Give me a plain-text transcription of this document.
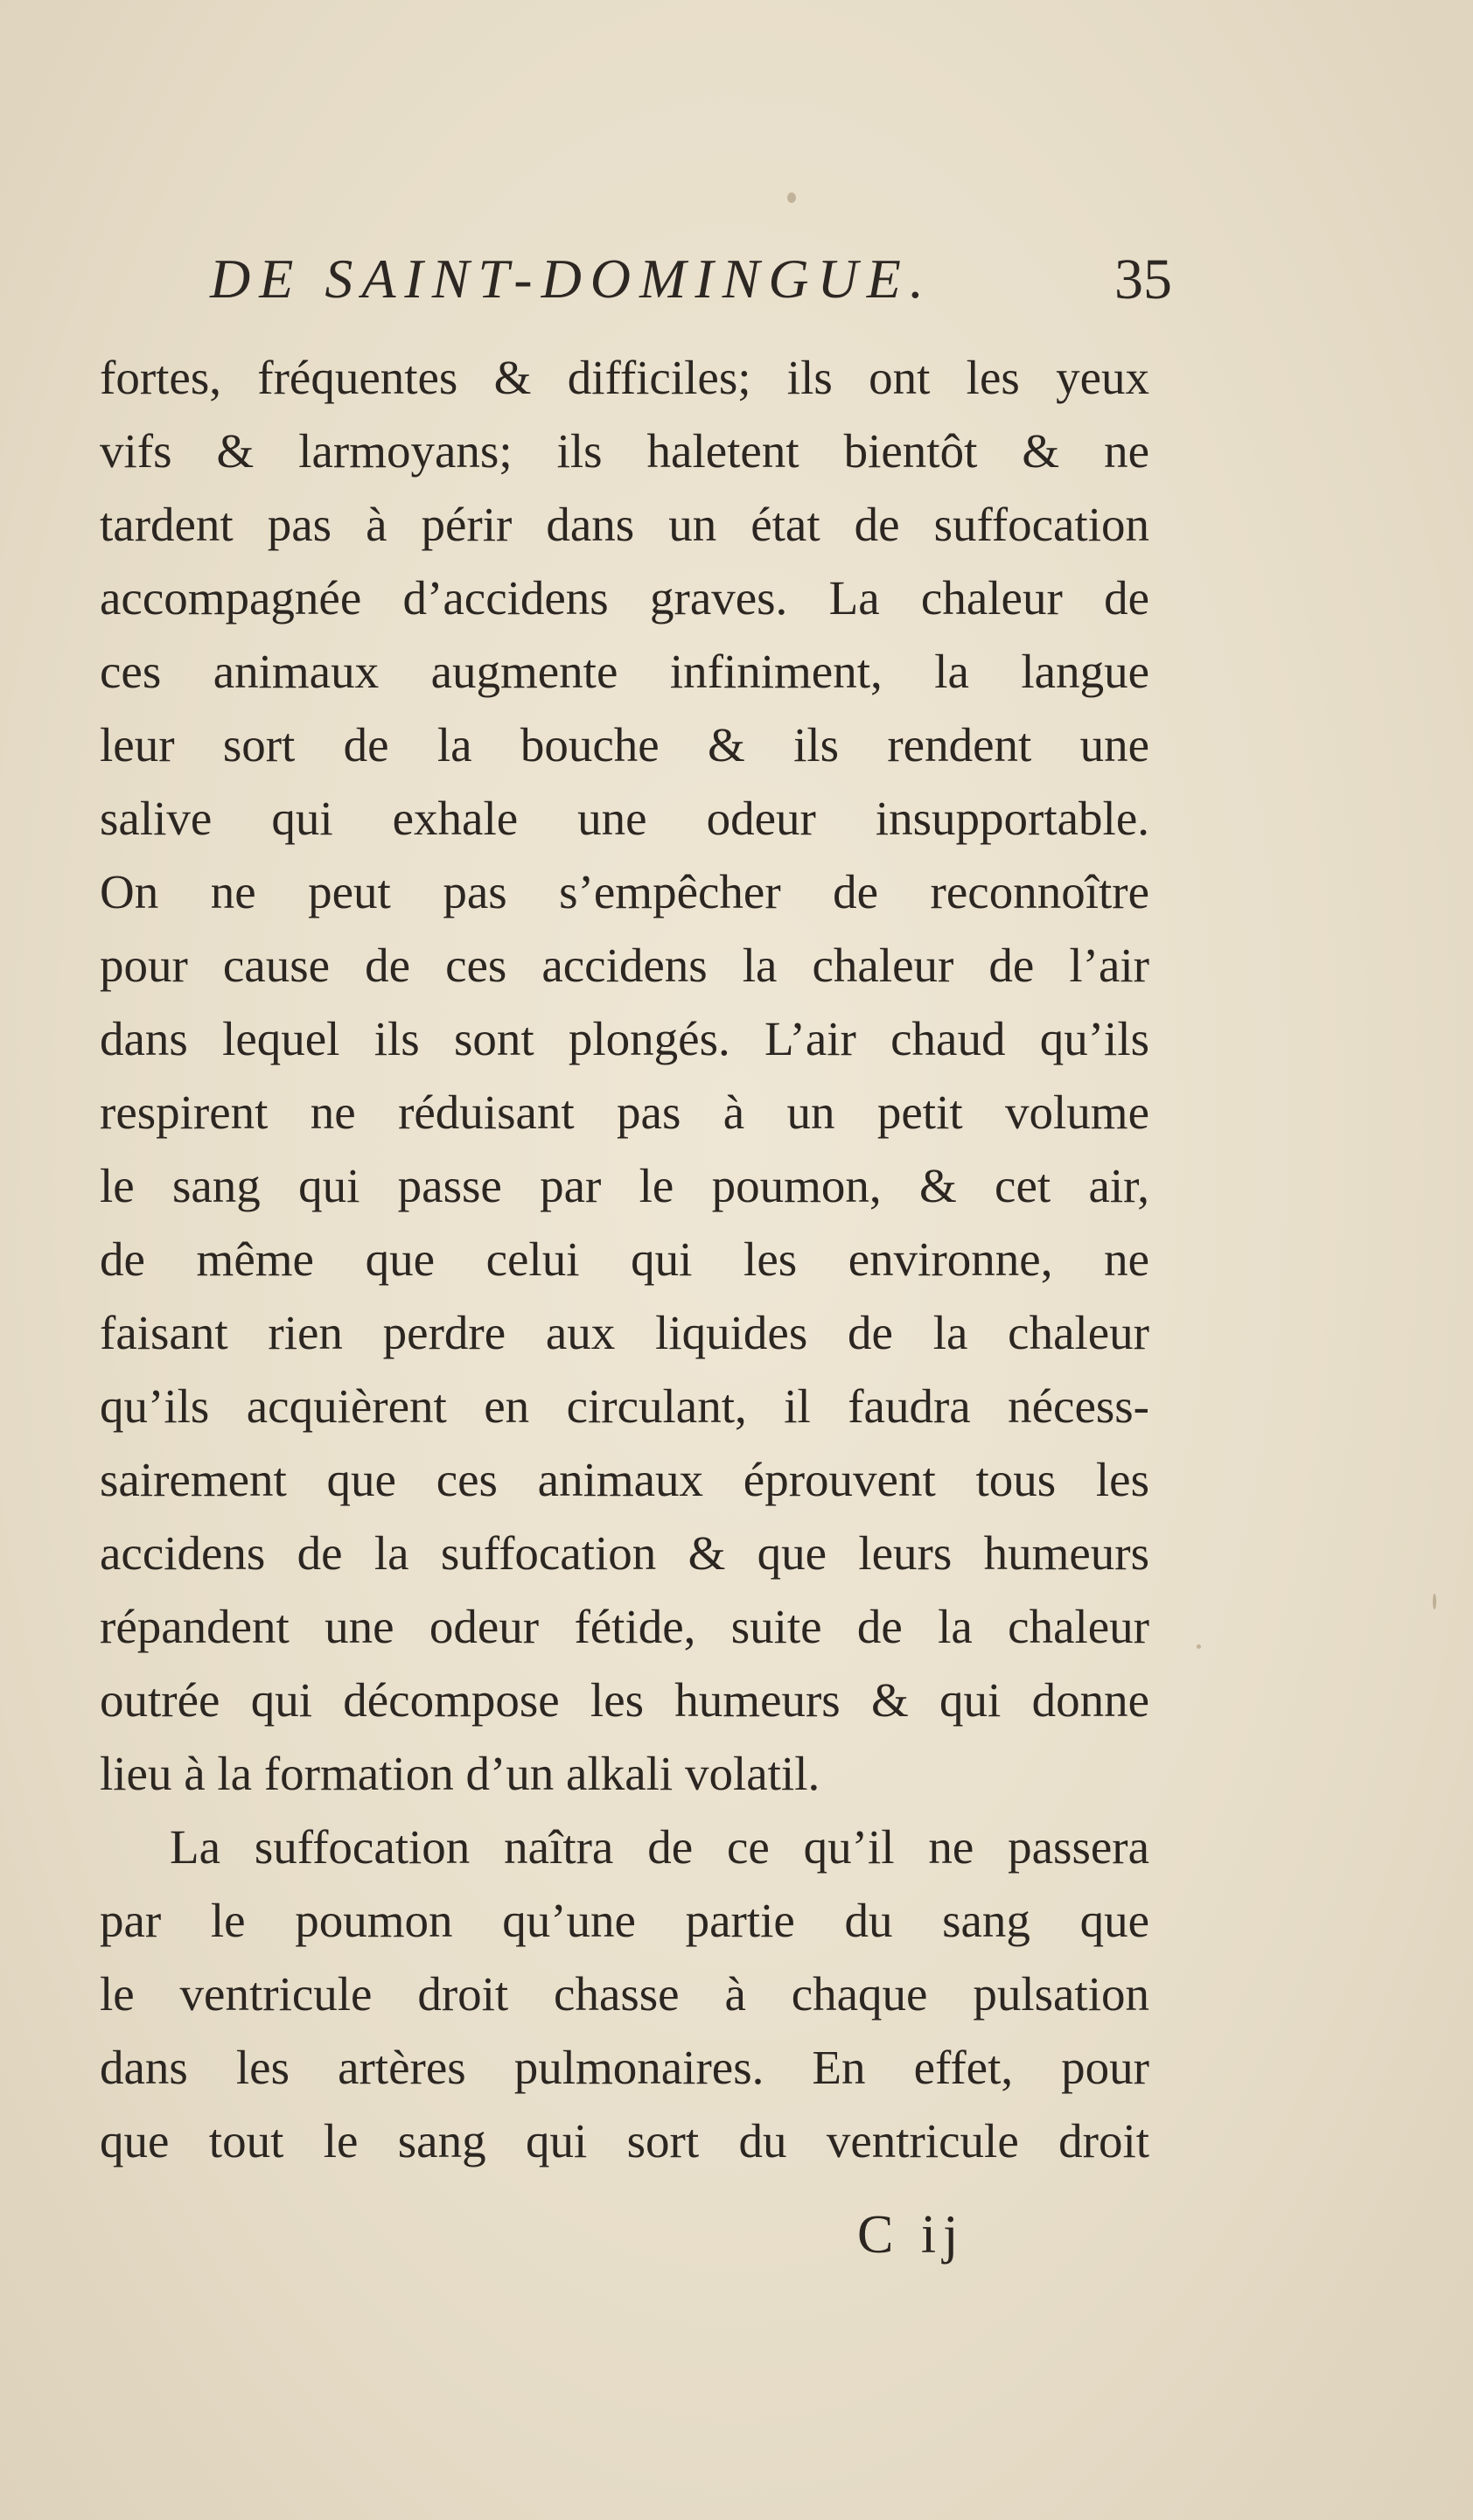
DE SAINT-DOMINGUE.	35
fortes, fréquentes & difficiles; ils ont les yeux
vifs & larmoyans; ils haletent bientôt & ne
tardent pas à périr dans un état de suffocation
accompagnée d’accidens graves. La chaleur de
ces animaux augmente infiniment, la langue
leur sort de la bouche & ils rendent une
salive qui exhale une odeur insupportable.
On ne peut pas s’empêcher de reconnoître
pour cause de ces accidens la chaleur de l’air
dans lequel ils sont plongés. L’air chaud qu’ils
respirent ne réduisant pas à un petit volume
le sang qui passe par le poumon, & cet air,
de même que celui qui les environne, ne
faisant rien perdre aux liquides de la chaleur
qu’ils acquièrent en circulant, il faudra nécess-
sairement que ces animaux éprouvent tous les
accidens de la suffocation & que leurs humeurs
répandent une odeur fétide, suite de la chaleur
outrée qui décompose les humeurs & qui donne
lieu à la formation d’un alkali volatil.
La suffocation naîtra de ce qu’il ne passera
par le poumon qu’une partie du sang que
le ventricule droit chasse à chaque pulsation
dans les artères pulmonaires. En effet, pour
que tout le sang qui sort du ventricule droit
C ij
